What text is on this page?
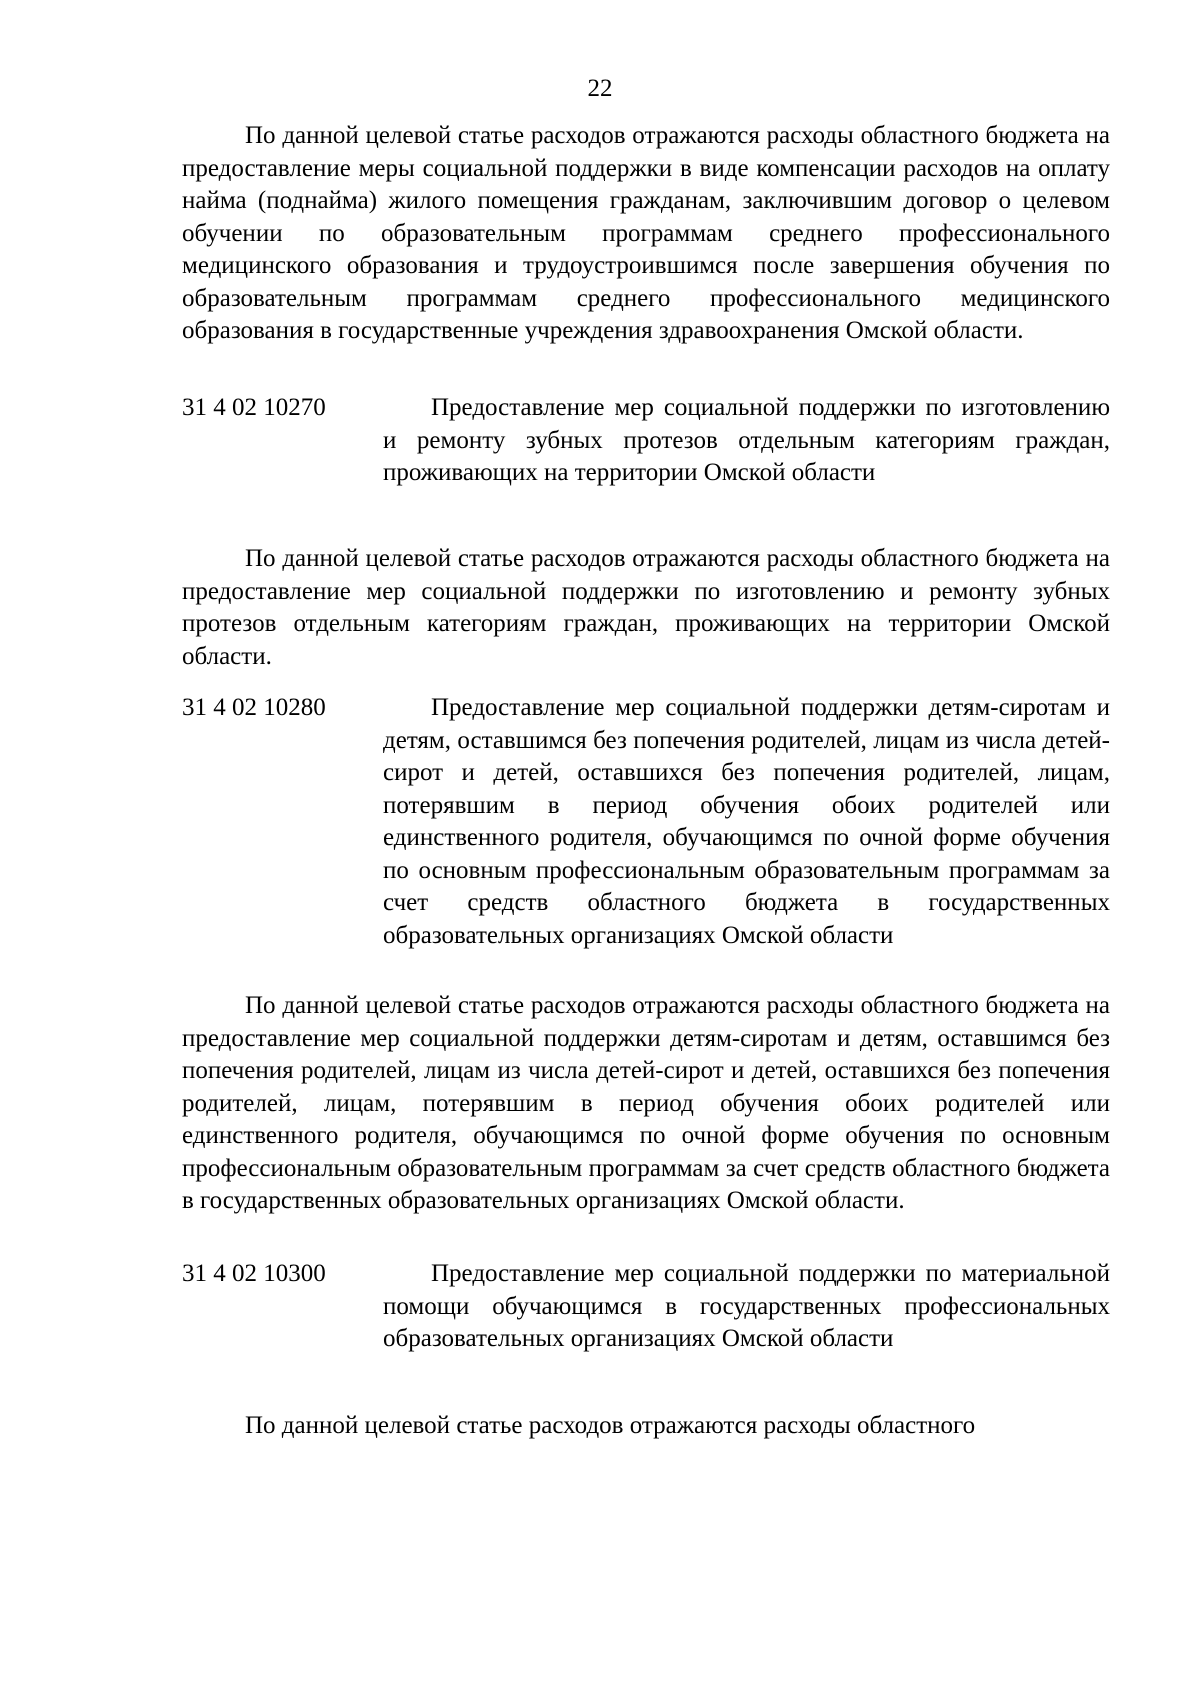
22

По данной целевой статье расходов отражаются расходы областного бюджета на предоставление меры социальной поддержки в виде компенсации расходов на оплату найма (поднайма) жилого помещения гражданам, заключившим договор о целевом обучении по образовательным программам среднего профессионального медицинского образования и трудоустроившимся после завершения обучения по образовательным программам среднего профессионального медицинского образования в государственные учреждения здравоохранения Омской области.

31 4 02 10270	Предоставление мер социальной поддержки по изготовлению и ремонту зубных протезов отдельным категориям граждан, проживающих на территории Омской области

По данной целевой статье расходов отражаются расходы областного бюджета на предоставление мер социальной поддержки по изготовлению и ремонту зубных протезов отдельным категориям граждан, проживающих на территории Омской области.

31 4 02 10280	Предоставление мер социальной поддержки детям-сиротам и детям, оставшимся без попечения родителей, лицам из числа детей-сирот и детей, оставшихся без попечения родителей, лицам, потерявшим в период обучения обоих родителей или единственного родителя, обучающимся по очной форме обучения по основным профессиональным образовательным программам за счет средств областного бюджета в государственных образовательных организациях Омской области

По данной целевой статье расходов отражаются расходы областного бюджета на предоставление мер социальной поддержки детям-сиротам и детям, оставшимся без попечения родителей, лицам из числа детей-сирот и детей, оставшихся без попечения родителей, лицам, потерявшим в период обучения обоих родителей или единственного родителя, обучающимся по очной форме обучения по основным профессиональным образовательным программам за счет средств областного бюджета в государственных образовательных организациях Омской области.

31 4 02 10300	Предоставление мер социальной поддержки по материальной помощи обучающимся в государственных профессиональных образовательных организациях Омской области

По данной целевой статье расходов отражаются расходы областного
